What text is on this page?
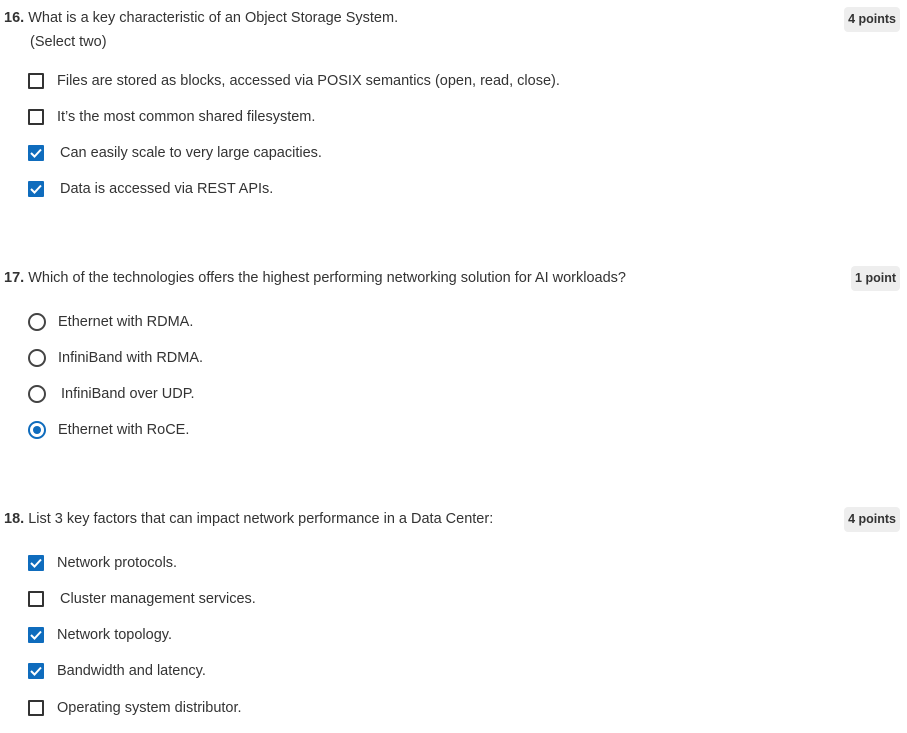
16. What is a key characteristic of an Object Storage System.	4 points
(Select two)
Files are stored as blocks, accessed via POSIX semantics (open, read, close).
It’s the most common shared filesystem.
Can easily scale to very large capacities.
Data is accessed via REST APIs.
17. Which of the technologies offers the highest performing networking solution for AI workloads?	1 point
Ethernet with RDMA.
InfiniBand with RDMA.
InfiniBand over UDP.
Ethernet with RoCE.
18. List 3 key factors that can impact network performance in a Data Center:	4 points
Network protocols.
Cluster management services.
Network topology.
Bandwidth and latency.
Operating system distributor.
